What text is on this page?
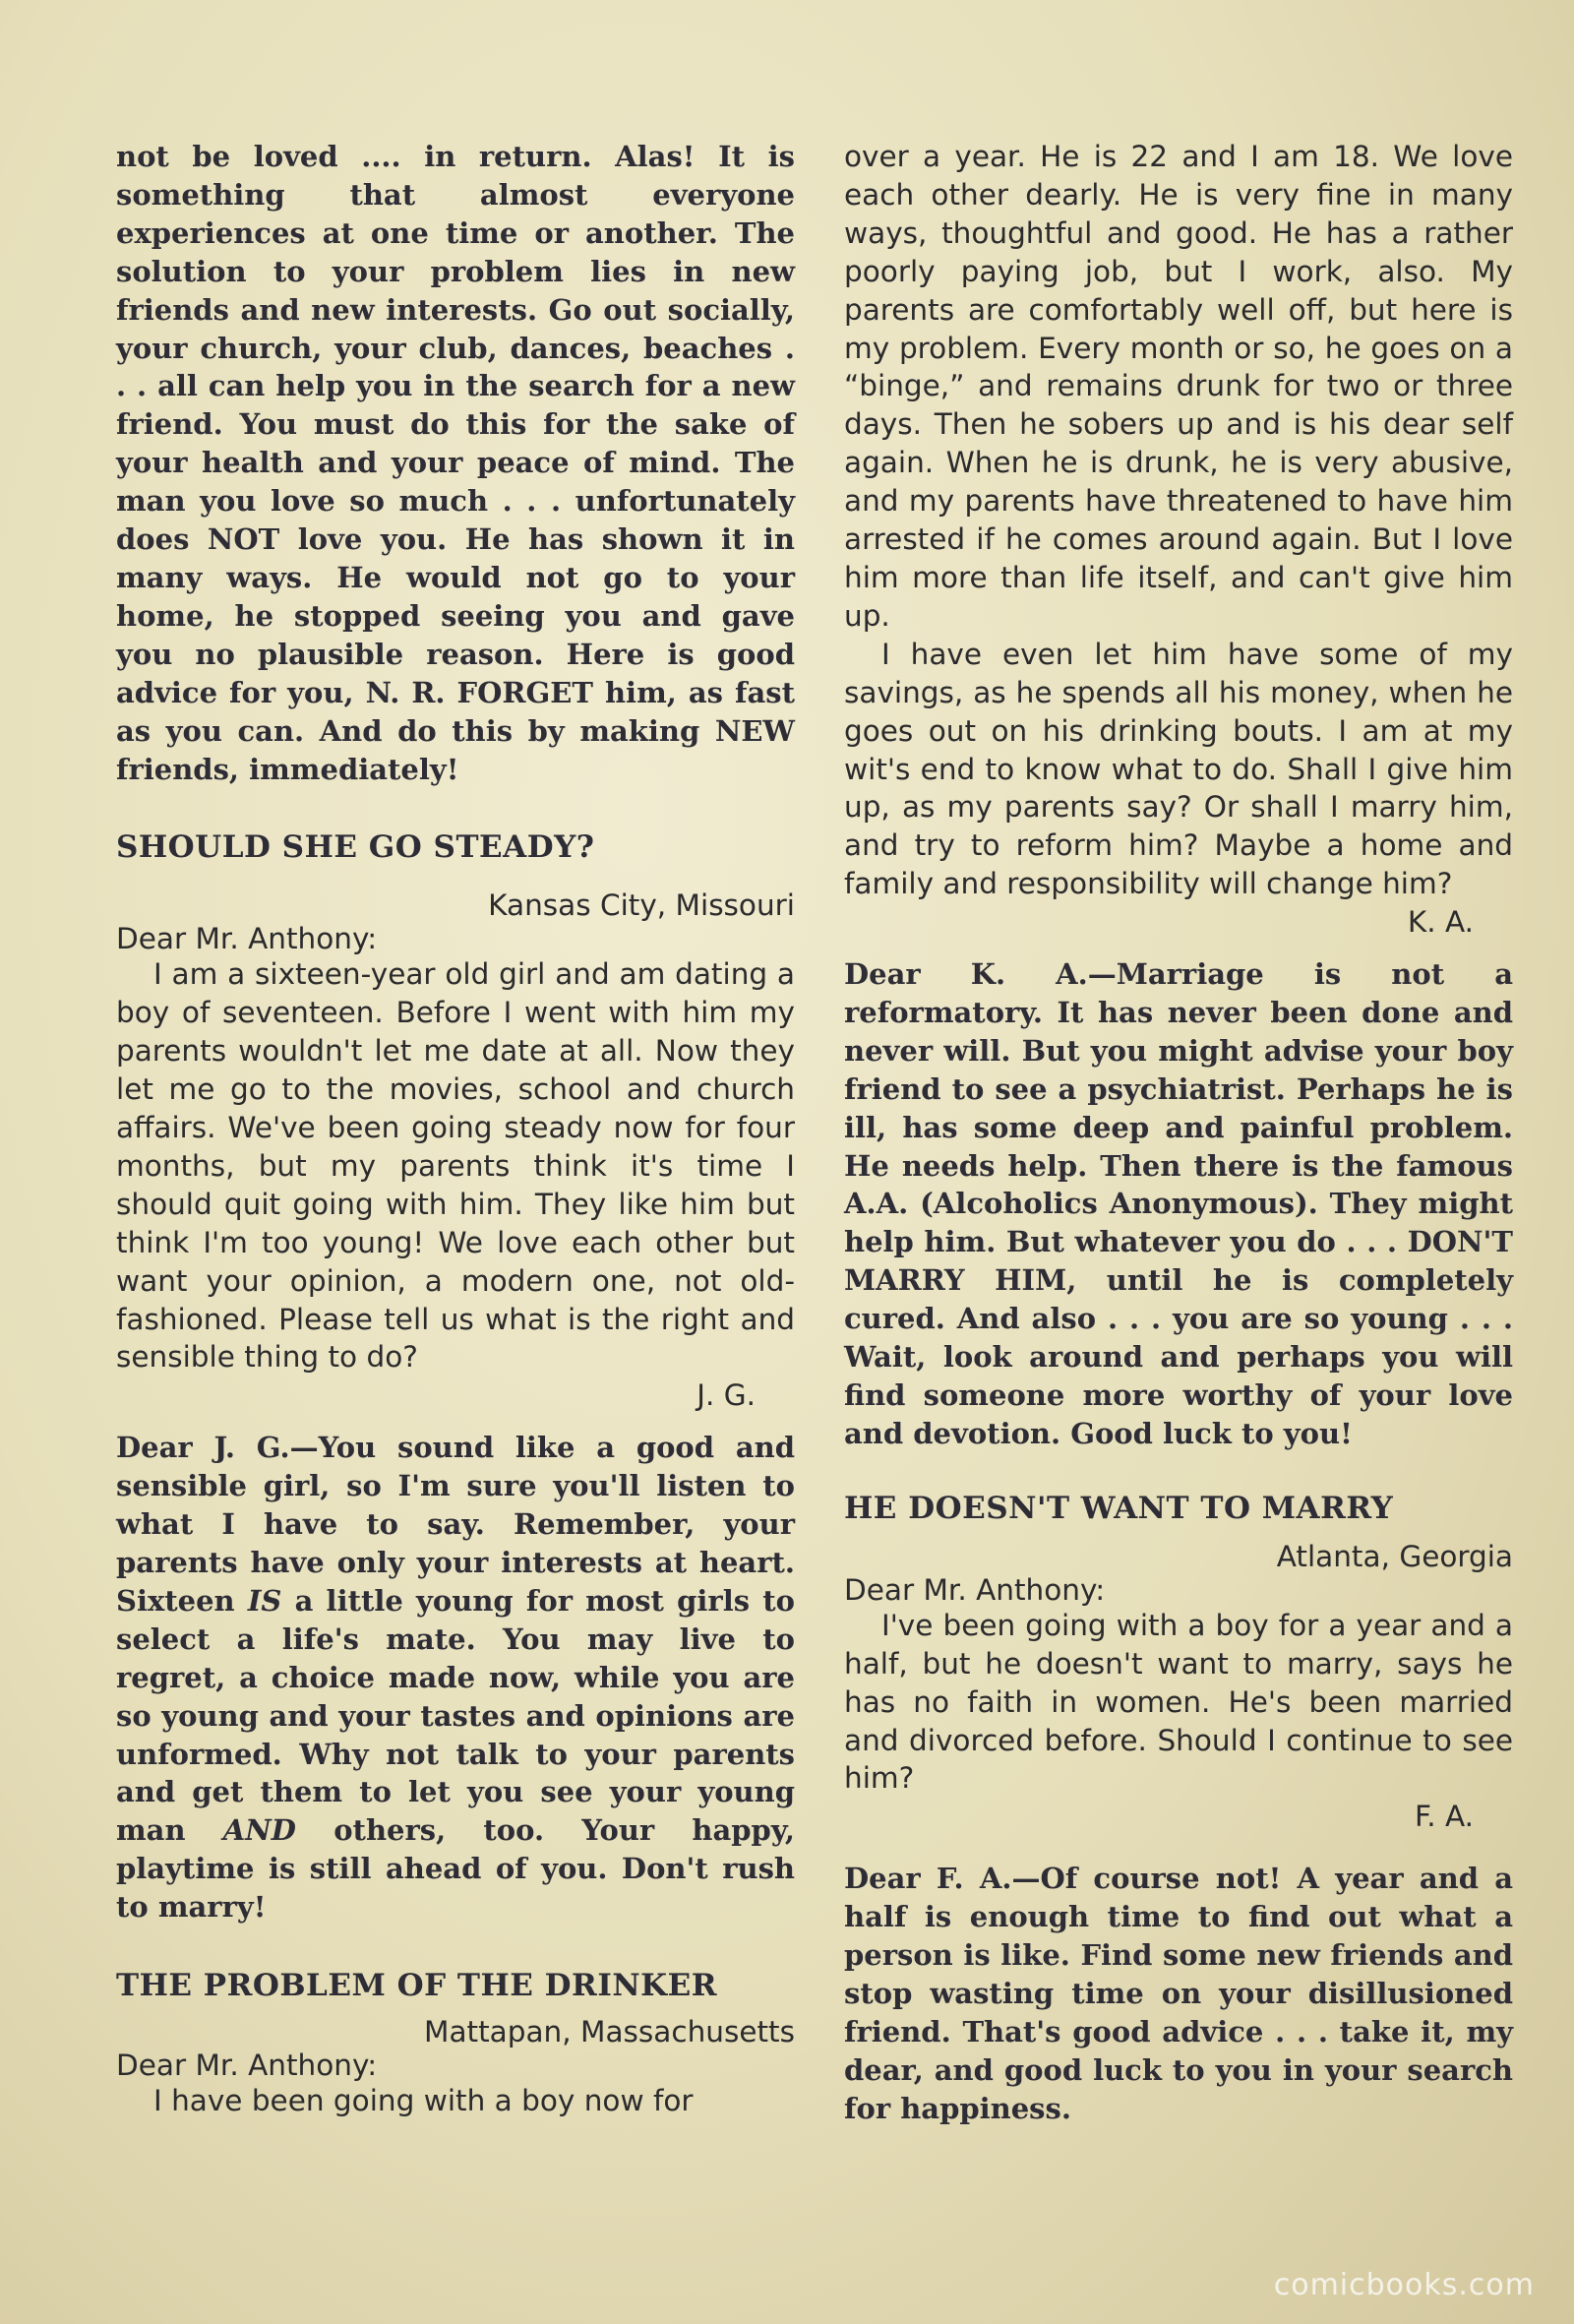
not be loved .... in return. Alas! It is something that almost everyone experiences at one time or another. The solution to your problem lies in new friends and new interests. Go out socially, your church, your club, dances, beaches . . . all can help you in the search for a new friend. You must do this for the sake of your health and your peace of mind. The man you love so much . . . unfortunately does NOT love you. He has shown it in many ways. He would not go to your home, he stopped seeing you and gave you no plausible reason. Here is good advice for you, N. R. FORGET him, as fast as you can. And do this by making NEW friends, immediately!

SHOULD SHE GO STEADY?

Kansas City, Missouri

Dear Mr. Anthony:

I am a sixteen-year old girl and am dating a boy of seventeen. Before I went with him my parents wouldn't let me date at all. Now they let me go to the movies, school and church affairs. We've been going steady now for four months, but my parents think it's time I should quit going with him. They like him but think I'm too young! We love each other but want your opinion, a modern one, not old-fashioned. Please tell us what is the right and sensible thing to do?

J. G.

Dear J. G.—You sound like a good and sensible girl, so I'm sure you'll listen to what I have to say. Remember, your parents have only your interests at heart. Sixteen IS a little young for most girls to select a life's mate. You may live to regret, a choice made now, while you are so young and your tastes and opinions are unformed. Why not talk to your parents and get them to let you see your young man AND others, too. Your happy, playtime is still ahead of you. Don't rush to marry!

THE PROBLEM OF THE DRINKER

Mattapan, Massachusetts

Dear Mr. Anthony:

I have been going with a boy now for

over a year. He is 22 and I am 18. We love each other dearly. He is very fine in many ways, thoughtful and good. He has a rather poorly paying job, but I work, also. My parents are comfortably well off, but here is my problem. Every month or so, he goes on a “binge,” and remains drunk for two or three days. Then he sobers up and is his dear self again. When he is drunk, he is very abusive, and my parents have threatened to have him arrested if he comes around again. But I love him more than life itself, and can't give him up.

I have even let him have some of my savings, as he spends all his money, when he goes out on his drinking bouts. I am at my wit's end to know what to do. Shall I give him up, as my parents say? Or shall I marry him, and try to reform him? Maybe a home and family and responsibility will change him?

K. A.

Dear K. A.—Marriage is not a reformatory. It has never been done and never will. But you might advise your boy friend to see a psychiatrist. Perhaps he is ill, has some deep and painful problem. He needs help. Then there is the famous A.A. (Alcoholics Anonymous). They might help him. But whatever you do . . . DON'T MARRY HIM, until he is completely cured. And also . . . you are so young . . . Wait, look around and perhaps you will find someone more worthy of your love and devotion. Good luck to you!

HE DOESN'T WANT TO MARRY

Atlanta, Georgia

Dear Mr. Anthony:

I've been going with a boy for a year and a half, but he doesn't want to marry, says he has no faith in women. He's been married and divorced before. Should I continue to see him?

F. A.

Dear F. A.—Of course not! A year and a half is enough time to find out what a person is like. Find some new friends and stop wasting time on your disillusioned friend. That's good advice . . . take it, my dear, and good luck to you in your search for happiness.

comicbooks.com
